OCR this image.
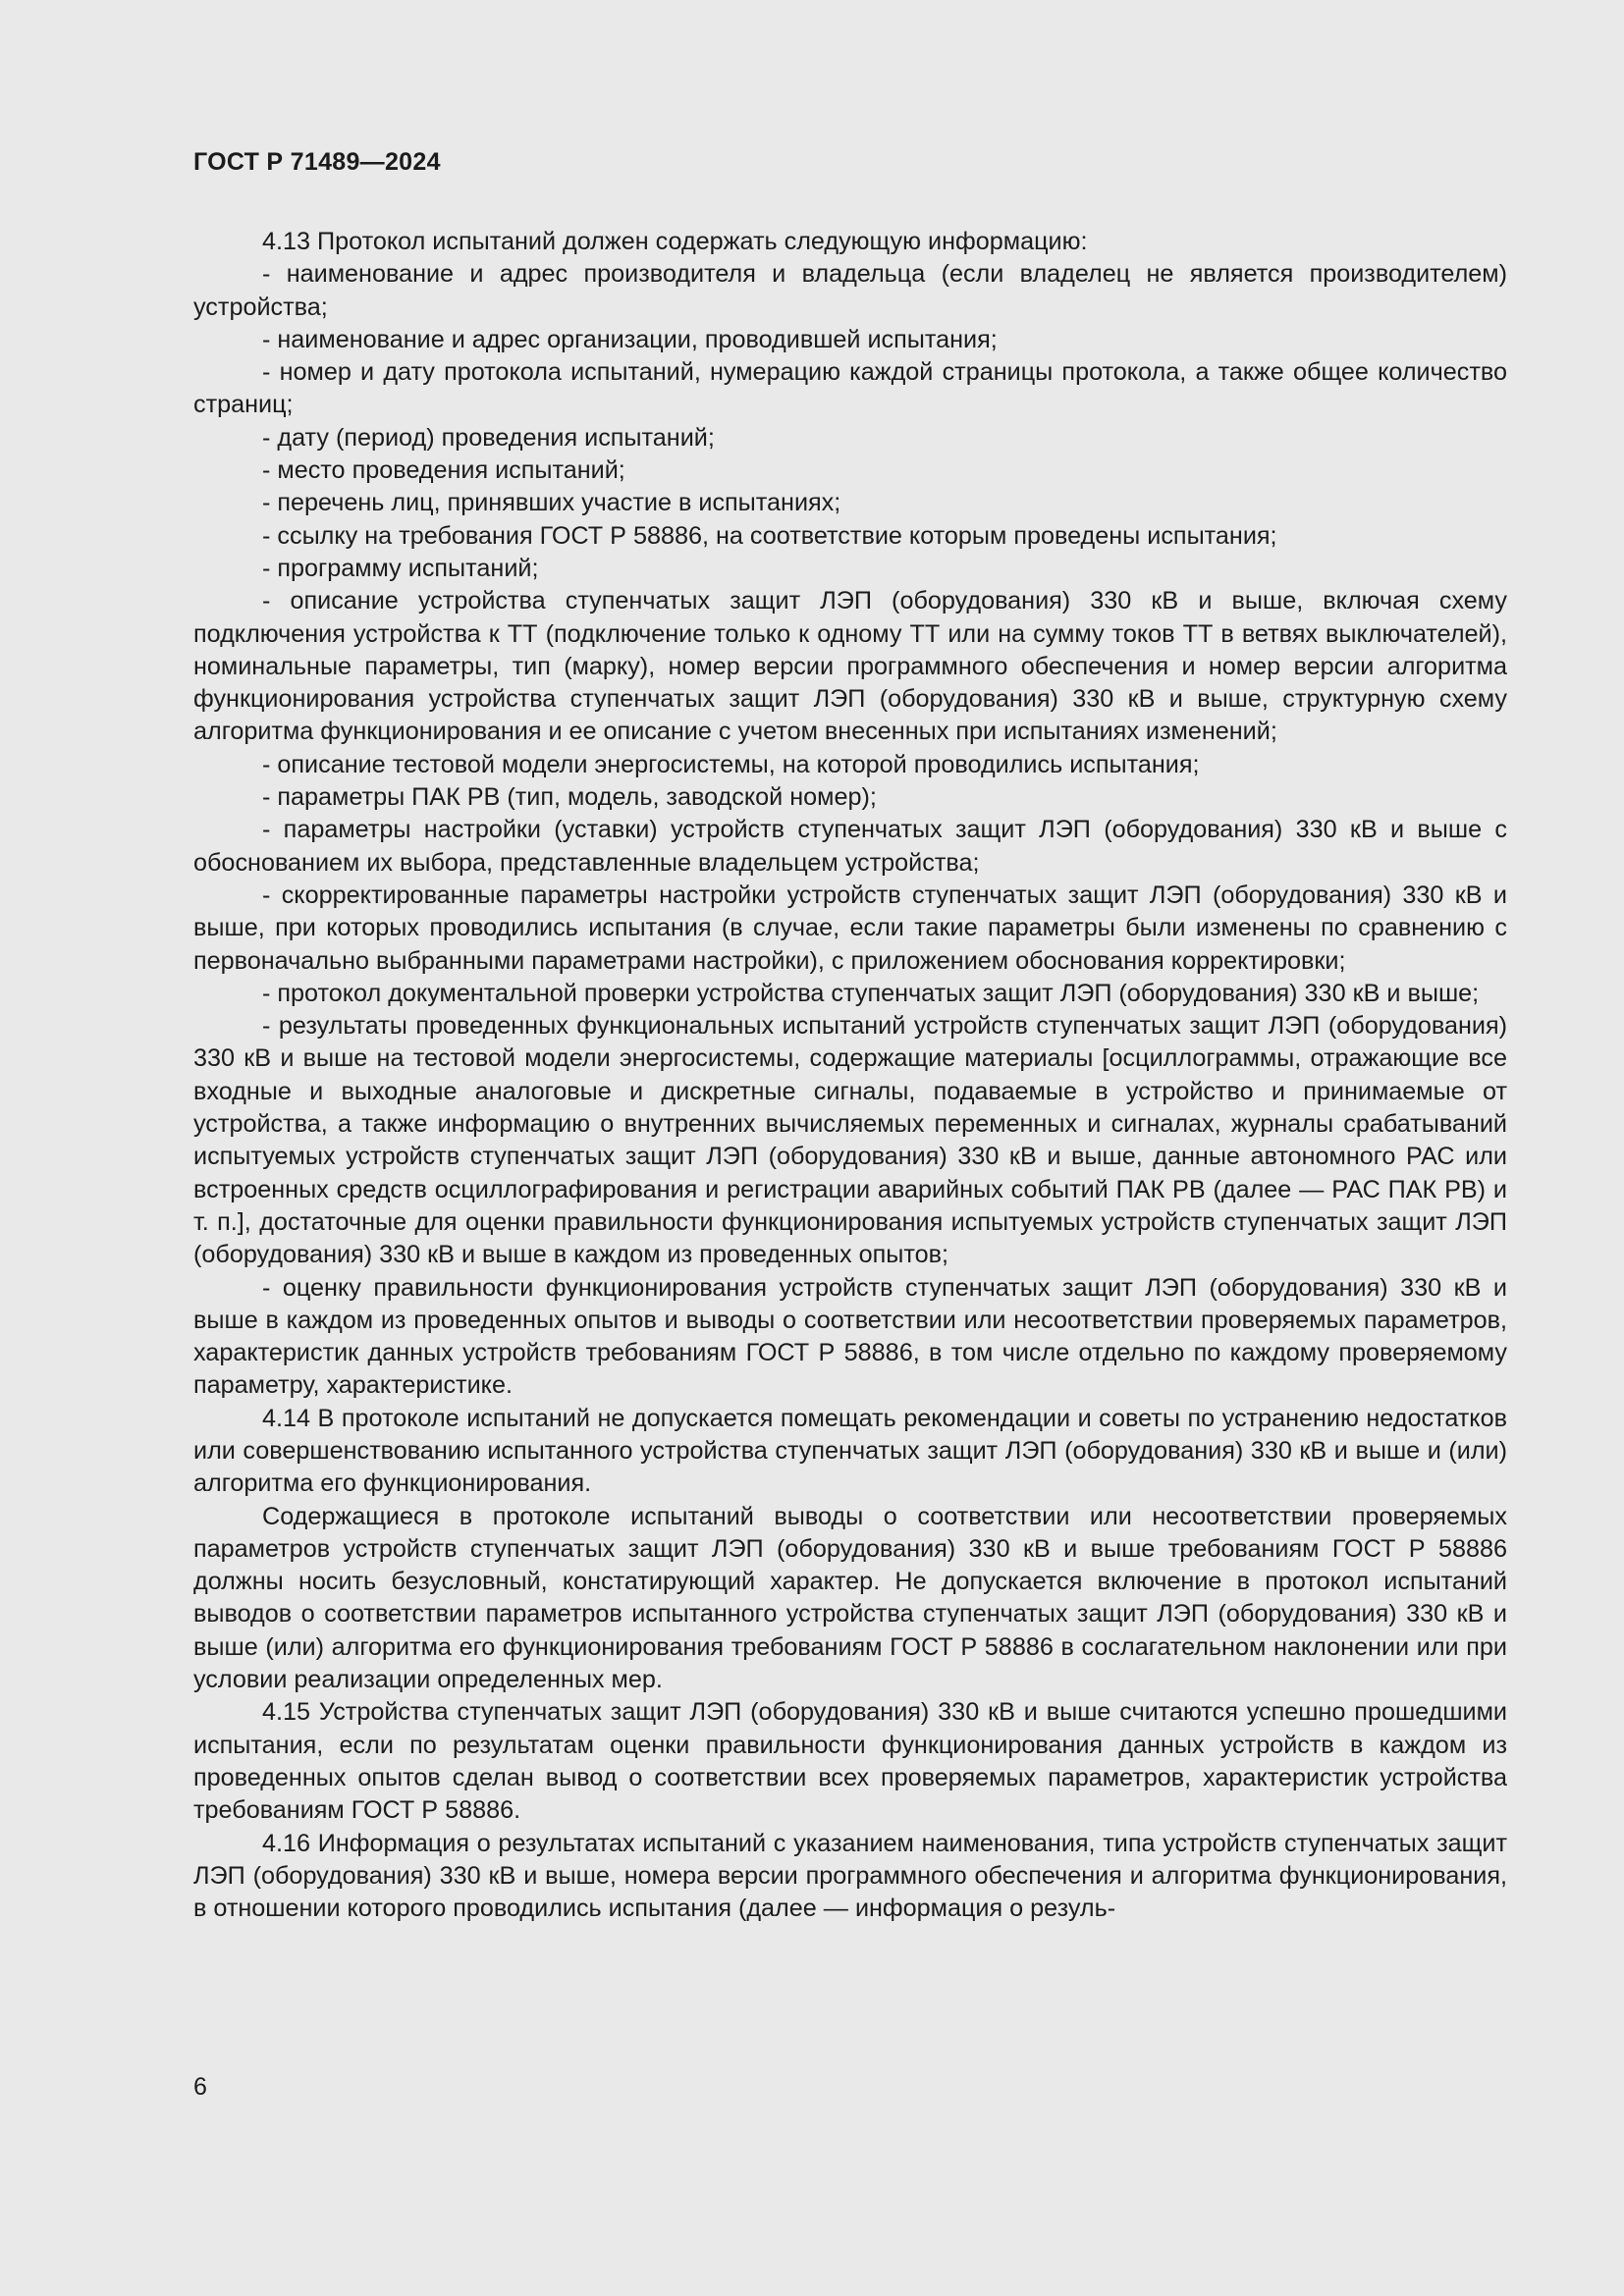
ГОСТ Р 71489—2024

4.13 Протокол испытаний должен содержать следующую информацию:

- наименование и адрес производителя и владельца (если владелец не является производителем) устройства;

- наименование и адрес организации, проводившей испытания;

- номер и дату протокола испытаний, нумерацию каждой страницы протокола, а также общее количество страниц;

- дату (период) проведения испытаний;

- место проведения испытаний;

- перечень лиц, принявших участие в испытаниях;

- ссылку на требования ГОСТ Р 58886, на соответствие которым проведены испытания;

- программу испытаний;

- описание устройства ступенчатых защит ЛЭП (оборудования) 330 кВ и выше, включая схему подключения устройства к ТТ (подключение только к одному ТТ или на сумму токов ТТ в ветвях выключателей), номинальные параметры, тип (марку), номер версии программного обеспечения и номер версии алгоритма функционирования устройства ступенчатых защит ЛЭП (оборудования) 330 кВ и выше, структурную схему алгоритма функционирования и ее описание с учетом внесенных при испытаниях изменений;

- описание тестовой модели энергосистемы, на которой проводились испытания;

- параметры ПАК РВ (тип, модель, заводской номер);

- параметры настройки (уставки) устройств ступенчатых защит ЛЭП (оборудования) 330 кВ и выше с обоснованием их выбора, представленные владельцем устройства;

- скорректированные параметры настройки устройств ступенчатых защит ЛЭП (оборудования) 330 кВ и выше, при которых проводились испытания (в случае, если такие параметры были изменены по сравнению с первоначально выбранными параметрами настройки), с приложением обоснования корректировки;

- протокол документальной проверки устройства ступенчатых защит ЛЭП (оборудования) 330 кВ и выше;

- результаты проведенных функциональных испытаний устройств ступенчатых защит ЛЭП (оборудования) 330 кВ и выше на тестовой модели энергосистемы, содержащие материалы [осциллограммы, отражающие все входные и выходные аналоговые и дискретные сигналы, подаваемые в устройство и принимаемые от устройства, а также информацию о внутренних вычисляемых переменных и сигналах, журналы срабатываний испытуемых устройств ступенчатых защит ЛЭП (оборудования) 330 кВ и выше, данные автономного РАС или встроенных средств осциллографирования и регистрации аварийных событий ПАК РВ (далее — РАС ПАК РВ) и т. п.], достаточные для оценки правильности функционирования испытуемых устройств ступенчатых защит ЛЭП (оборудования) 330 кВ и выше в каждом из проведенных опытов;

- оценку правильности функционирования устройств ступенчатых защит ЛЭП (оборудования) 330 кВ и выше в каждом из проведенных опытов и выводы о соответствии или несоответствии проверяемых параметров, характеристик данных устройств требованиям ГОСТ Р 58886, в том числе отдельно по каждому проверяемому параметру, характеристике.

4.14 В протоколе испытаний не допускается помещать рекомендации и советы по устранению недостатков или совершенствованию испытанного устройства ступенчатых защит ЛЭП (оборудования) 330 кВ и выше и (или) алгоритма его функционирования.

Содержащиеся в протоколе испытаний выводы о соответствии или несоответствии проверяемых параметров устройств ступенчатых защит ЛЭП (оборудования) 330 кВ и выше требованиям ГОСТ Р 58886 должны носить безусловный, констатирующий характер. Не допускается включение в протокол испытаний выводов о соответствии параметров испытанного устройства ступенчатых защит ЛЭП (оборудования) 330 кВ и выше (или) алгоритма его функционирования требованиям ГОСТ Р 58886 в сослагательном наклонении или при условии реализации определенных мер.

4.15 Устройства ступенчатых защит ЛЭП (оборудования) 330 кВ и выше считаются успешно прошедшими испытания, если по результатам оценки правильности функционирования данных устройств в каждом из проведенных опытов сделан вывод о соответствии всех проверяемых параметров, характеристик устройства требованиям ГОСТ Р 58886.

4.16 Информация о результатах испытаний с указанием наименования, типа устройств ступенчатых защит ЛЭП (оборудования) 330 кВ и выше, номера версии программного обеспечения и алгоритма функционирования, в отношении которого проводились испытания (далее — информация о резуль-

6
